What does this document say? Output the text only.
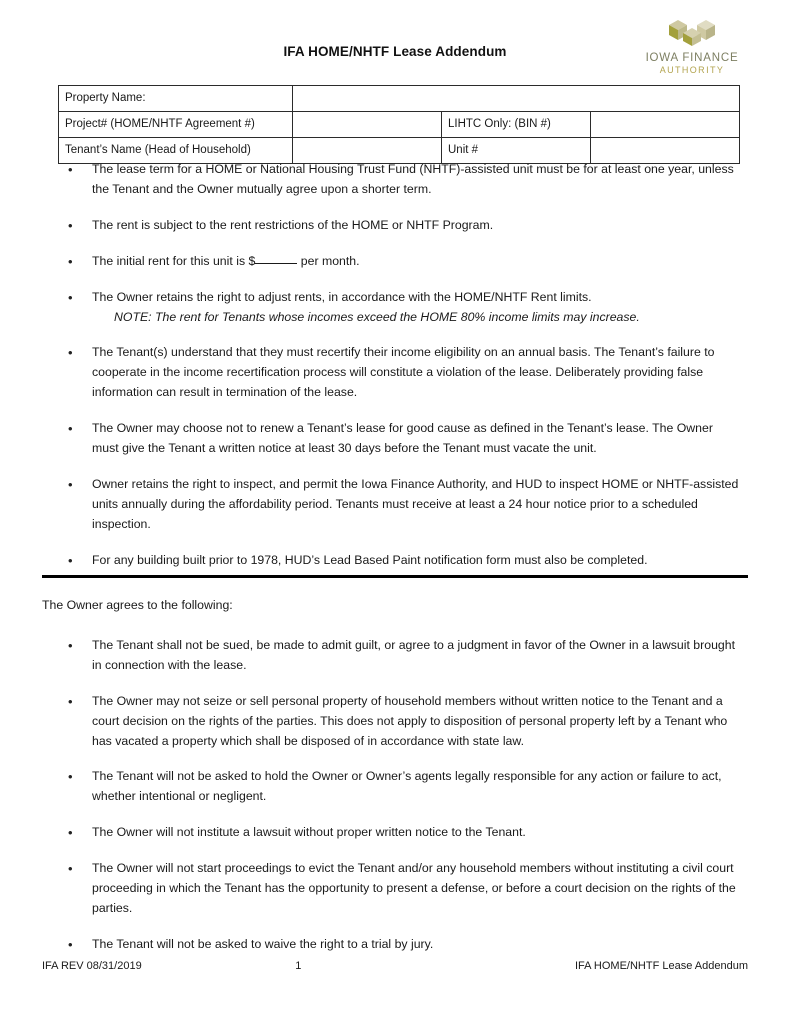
IFA HOME/NHTF Lease Addendum	IOWA FINANCE
AUTHORITY
Property Name:			
Project# (HOME/NHTF Agreement #)		LIHTC Only: (BIN #)	
Tenant’s Name (Head of Household)		Unit #	
• The lease term for a HOME or National Housing Trust Fund (NHTF)-assisted unit must be for at least one year, unless the Tenant and the Owner mutually agree upon a shorter term.
• The rent is subject to the rent restrictions of the HOME or NHTF Program.
• The initial rent for this unit is $	per month.
• The Owner retains the right to adjust rents, in accordance with the HOME/NHTF Rent limits.
NOTE: The rent for Tenants whose incomes exceed the HOME 80% income limits may increase.
• The Tenant(s) understand that they must recertify their income eligibility on an annual basis. The Tenant’s failure to cooperate in the income recertification process will constitute a violation of the lease. Deliberately providing false information can result in termination of the lease.
• The Owner may choose not to renew a Tenant’s lease for good cause as defined in the Tenant’s lease. The Owner must give the Tenant a written notice at least 30 days before the Tenant must vacate the unit.
• Owner retains the right to inspect, and permit the Iowa Finance Authority, and HUD to inspect HOME or NHTF-assisted units annually during the affordability period. Tenants must receive at least a 24 hour notice prior to a scheduled inspection.
• For any building built prior to 1978, HUD’s Lead Based Paint notification form must also be completed.

The Owner agrees to the following:

• The Tenant shall not be sued, be made to admit guilt, or agree to a judgment in favor of the Owner in a lawsuit brought in connection with the lease.
• The Owner may not seize or sell personal property of household members without written notice to the Tenant and a court decision on the rights of the parties. This does not apply to disposition of personal property left by a Tenant who has vacated a property which shall be disposed of in accordance with state law.
• The Tenant will not be asked to hold the Owner or Owner’s agents legally responsible for any action or failure to act, whether intentional or negligent.
• The Owner will not institute a lawsuit without proper written notice to the Tenant.
• The Owner will not start proceedings to evict the Tenant and/or any household members without instituting a civil court proceeding in which the Tenant has the opportunity to present a defense, or before a court decision on the rights of the parties.
• The Tenant will not be asked to waive the right to a trial by jury.
IFA REV 08/31/2019	1	IFA HOME/NHTF Lease Addendum
